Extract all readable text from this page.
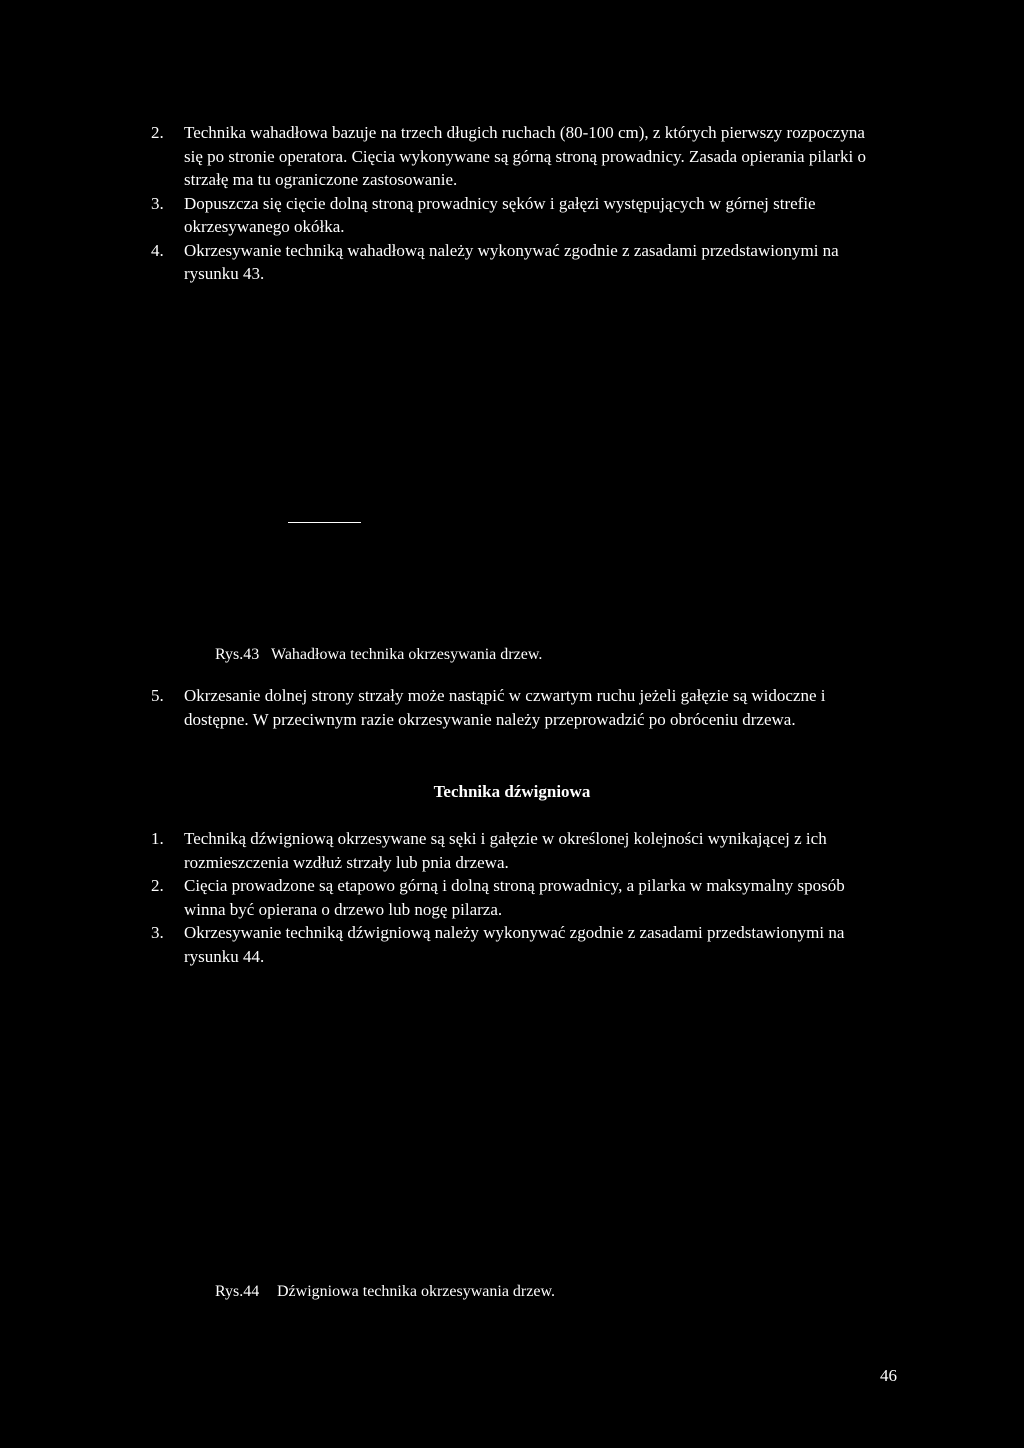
2. Technika wahadłowa bazuje na trzech długich ruchach (80-100 cm), z których pierwszy rozpoczyna się po stronie operatora. Cięcia wykonywane są górną stroną prowadnicy. Zasada opierania pilarki o strzałę ma tu ograniczone zastosowanie.

3. Dopuszcza się cięcie dolną stroną prowadnicy sęków i gałęzi występujących w górnej strefie okrzesywanego okółka.

4. Okrzesywanie techniką wahadłową należy wykonywać zgodnie z zasadami przedstawionymi na rysunku 43.

Rys.43 Wahadłowa technika okrzesywania drzew.

5. Okrzesanie dolnej strony strzały może nastąpić w czwartym ruchu jeżeli gałęzie są widoczne i dostępne. W przeciwnym razie okrzesywanie należy przeprowadzić po obróceniu drzewa.

Technika dźwigniowa

1. Techniką dźwigniową okrzesywane są sęki i gałęzie w określonej kolejności wynikającej z ich rozmieszczenia wzdłuż strzały lub pnia drzewa.

2. Cięcia prowadzone są etapowo górną i dolną stroną prowadnicy, a pilarka w maksymalny sposób winna być opierana o drzewo lub nogę pilarza.

3. Okrzesywanie techniką dźwigniową należy wykonywać zgodnie z zasadami przedstawionymi na rysunku 44.

Rys.44 Dźwigniowa technika okrzesywania drzew.
46
